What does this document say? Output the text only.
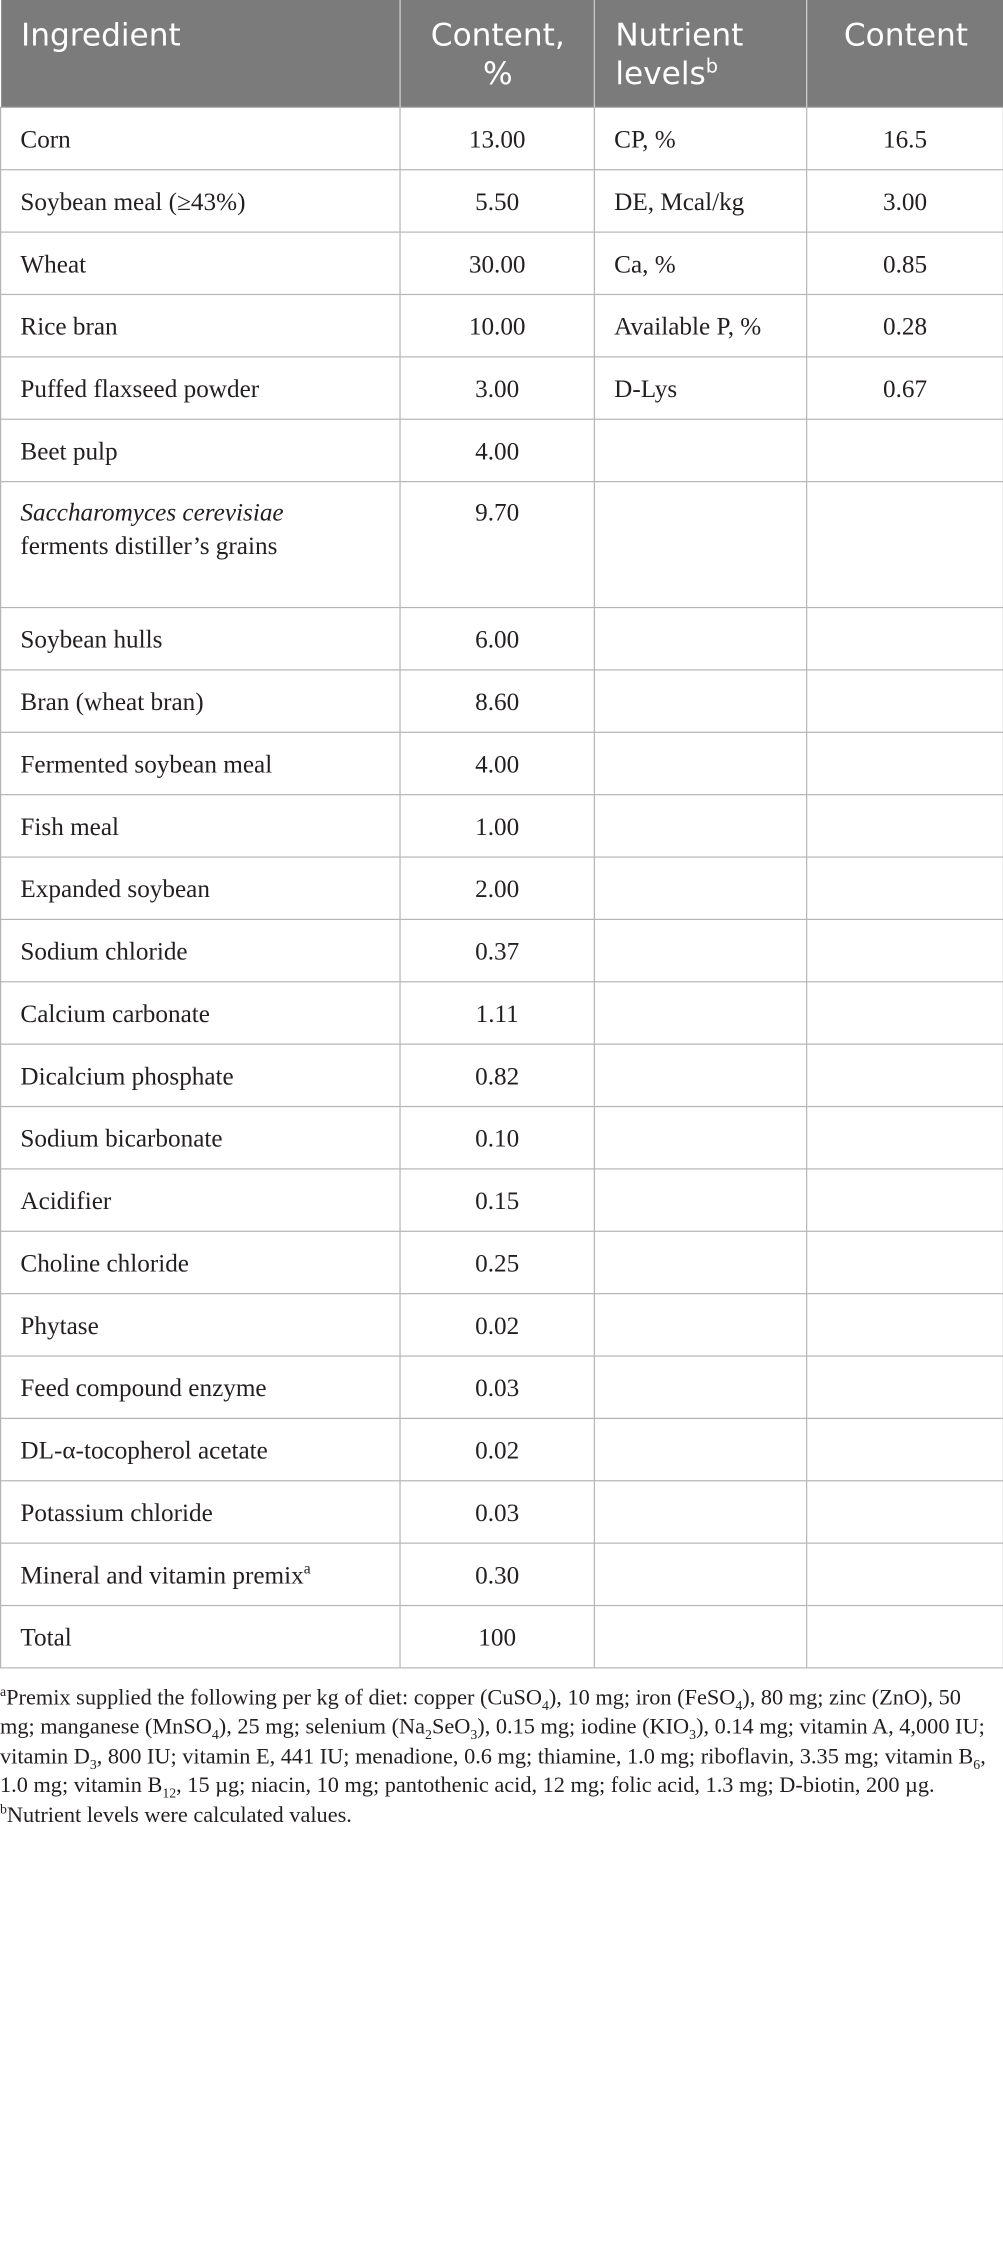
Ingredient	Content, %	Nutrient levels$^b$	Content
Corn	13.00	CP, %	16.5
Soybean meal (≥43%)	5.50	DE, Mcal/kg	3.00
Wheat	30.00	Ca, %	0.85
Rice bran	10.00	Available P, %	0.28
Puffed flaxseed powder	3.00	D-Lys	0.67
Beet pulp	4.00		
Saccharomyces cerevisiae
ferments distiller’s grains	9.70		
Soybean hulls	6.00		
Bran (wheat bran)	8.60		
Fermented soybean meal	4.00		
Fish meal	1.00		
Expanded soybean	2.00		
Sodium chloride	0.37		
Calcium carbonate	1.11		
Dicalcium phosphate	0.82		
Sodium bicarbonate	0.10		
Acidifier	0.15		
Choline chloride	0.25		
Phytase	0.02		
Feed compound enzyme	0.03		
DL-α-tocopherol acetate	0.02		
Potassium chloride	0.03		
Mineral and vitamin premix$^a$	0.30		
Total	100		

$^a$Premix supplied the following per kg of diet: copper (CuSO$_4$), 10 mg; iron (FeSO$_4$), 80 mg; zinc (ZnO), 50 mg; manganese (MnSO$_4$), 25 mg; selenium $(Na_2SeO_3)$, 0.15 mg; iodine $(KIO_3)$, 0.14 mg; vitamin A, 4,000 IU; vitamin $D_3$, 800 IU; vitamin E, 441 IU; menadione, 0.6 mg; thiamine, 1.0 mg; riboflavin, 3.35 mg; vitamin $B_6$, 1.0 mg; vitamin $B_{12}$, 15 µg; niacin, 10 mg; pantothenic acid, 12 mg; folic acid, 1.3 mg; D-biotin, 200 µg.

$^b$Nutrient levels were calculated values.
